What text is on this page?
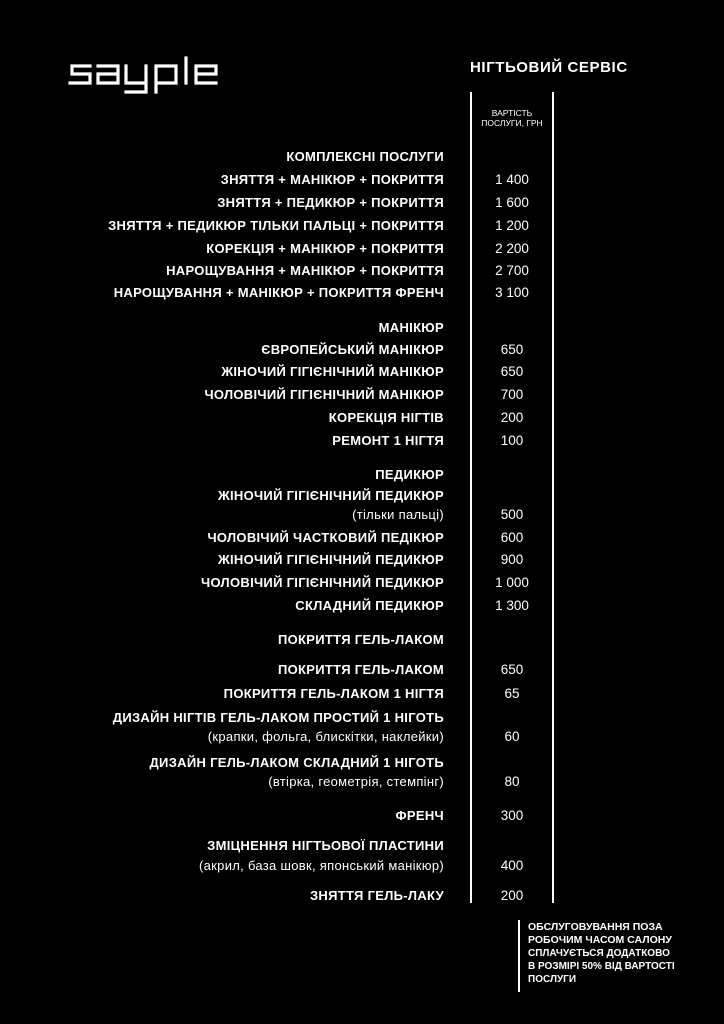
НІГТЬОВИЙ СЕРВІС
ВАРТІСТЬ
ПОСЛУГИ, ГРН
КОМПЛЕКСНІ ПОСЛУГИ
ЗНЯТТЯ + МАНІКЮР + ПОКРИТТЯ	1 400
ЗНЯТТЯ + ПЕДИКЮР + ПОКРИТТЯ	1 600
ЗНЯТТЯ + ПЕДИКЮР ТІЛЬКИ ПАЛЬЦІ + ПОКРИТТЯ	1 200
КОРЕКЦІЯ + МАНІКЮР + ПОКРИТТЯ	2 200
НАРОЩУВАННЯ + МАНІКЮР + ПОКРИТТЯ	2 700
НАРОЩУВАННЯ + МАНІКЮР + ПОКРИТТЯ ФРЕНЧ	3 100
МАНІКЮР
ЄВРОПЕЙСЬКИЙ МАНІКЮР	650
ЖІНОЧИЙ ГІГІЄНІЧНИЙ МАНІКЮР	650
ЧОЛОВІЧИЙ ГІГІЄНІЧНИЙ МАНІКЮР	700
КОРЕКЦІЯ НІГТІВ	200
РЕМОНТ 1 НІГТЯ	100
ПЕДИКЮР
ЖІНОЧИЙ ГІГІЄНІЧНИЙ ПЕДИКЮР
(тільки пальці)	500
ЧОЛОВІЧИЙ ЧАСТКОВИЙ ПЕДІКЮР	600
ЖІНОЧИЙ ГІГІЄНІЧНИЙ ПЕДИКЮР	900
ЧОЛОВІЧИЙ ГІГІЄНІЧНИЙ ПЕДИКЮР	1 000
СКЛАДНИЙ ПЕДИКЮР	1 300
ПОКРИТТЯ ГЕЛЬ-ЛАКОМ
ПОКРИТТЯ ГЕЛЬ-ЛАКОМ	650
ПОКРИТТЯ ГЕЛЬ-ЛАКОМ 1 НІГТЯ	65
ДИЗАЙН НІГТІВ ГЕЛЬ-ЛАКОМ ПРОСТИЙ 1 НІГОТЬ
(крапки, фольга, блискітки, наклейки)	60
ДИЗАЙН ГЕЛЬ-ЛАКОМ СКЛАДНИЙ 1 НІГОТЬ
(втірка, геометрія, стемпінг)	80
ФРЕНЧ	300
ЗМІЦНЕННЯ НІГТЬОВОЇ ПЛАСТИНИ
(акрил, база шовк, японський манікюр)	400
ЗНЯТТЯ ГЕЛЬ-ЛАКУ	200
ОБСЛУГОВУВАННЯ ПОЗА
РОБОЧИМ ЧАСОМ САЛОНУ
СПЛАЧУЄТЬСЯ ДОДАТКОВО
В РОЗМІРІ 50% ВІД ВАРТОСТІ
ПОСЛУГИ
